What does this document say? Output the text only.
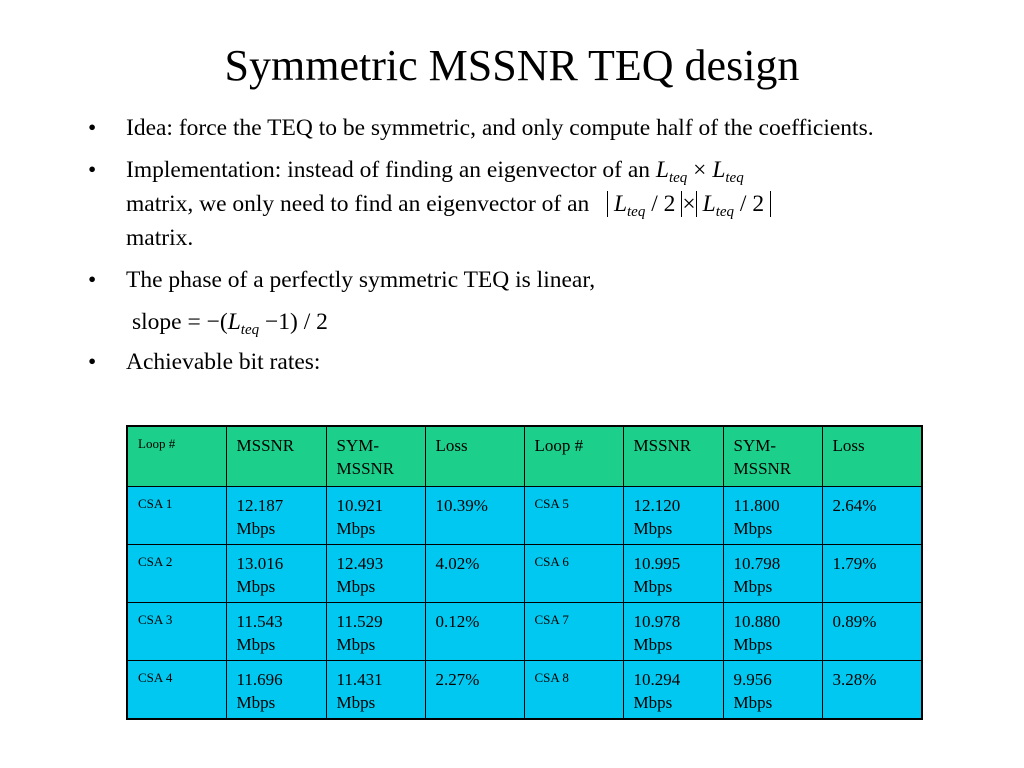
Symmetric MSSNR TEQ design
• Idea: force the TEQ to be symmetric, and only compute half of the coefficients.
• Implementation: instead of finding an eigenvector of an $L_{teq} \times L_{teq}$
matrix, we only need to find an eigenvector of an   $L_{teq} / 2 \times L_{teq} / 2$
matrix.
• The phase of a perfectly symmetric TEQ is linear,
slope = $-(L_{teq} -1) / 2$
• Achievable bit rates:
Loop #	MSSNR	SYM-MSSNR	Loss	Loop #	MSSNR	SYM-MSSNR	Loss
CSA 1	12.187 Mbps	10.921 Mbps	10.39%	CSA 5	12.120 Mbps	11.800 Mbps	2.64%
CSA 2	13.016 Mbps	12.493 Mbps	4.02%	CSA 6	10.995 Mbps	10.798 Mbps	1.79%
CSA 3	11.543 Mbps	11.529 Mbps	0.12%	CSA 7	10.978 Mbps	10.880 Mbps	0.89%
CSA 4	11.696 Mbps	11.431 Mbps	2.27%	CSA 8	10.294 Mbps	9.956 Mbps	3.28%
